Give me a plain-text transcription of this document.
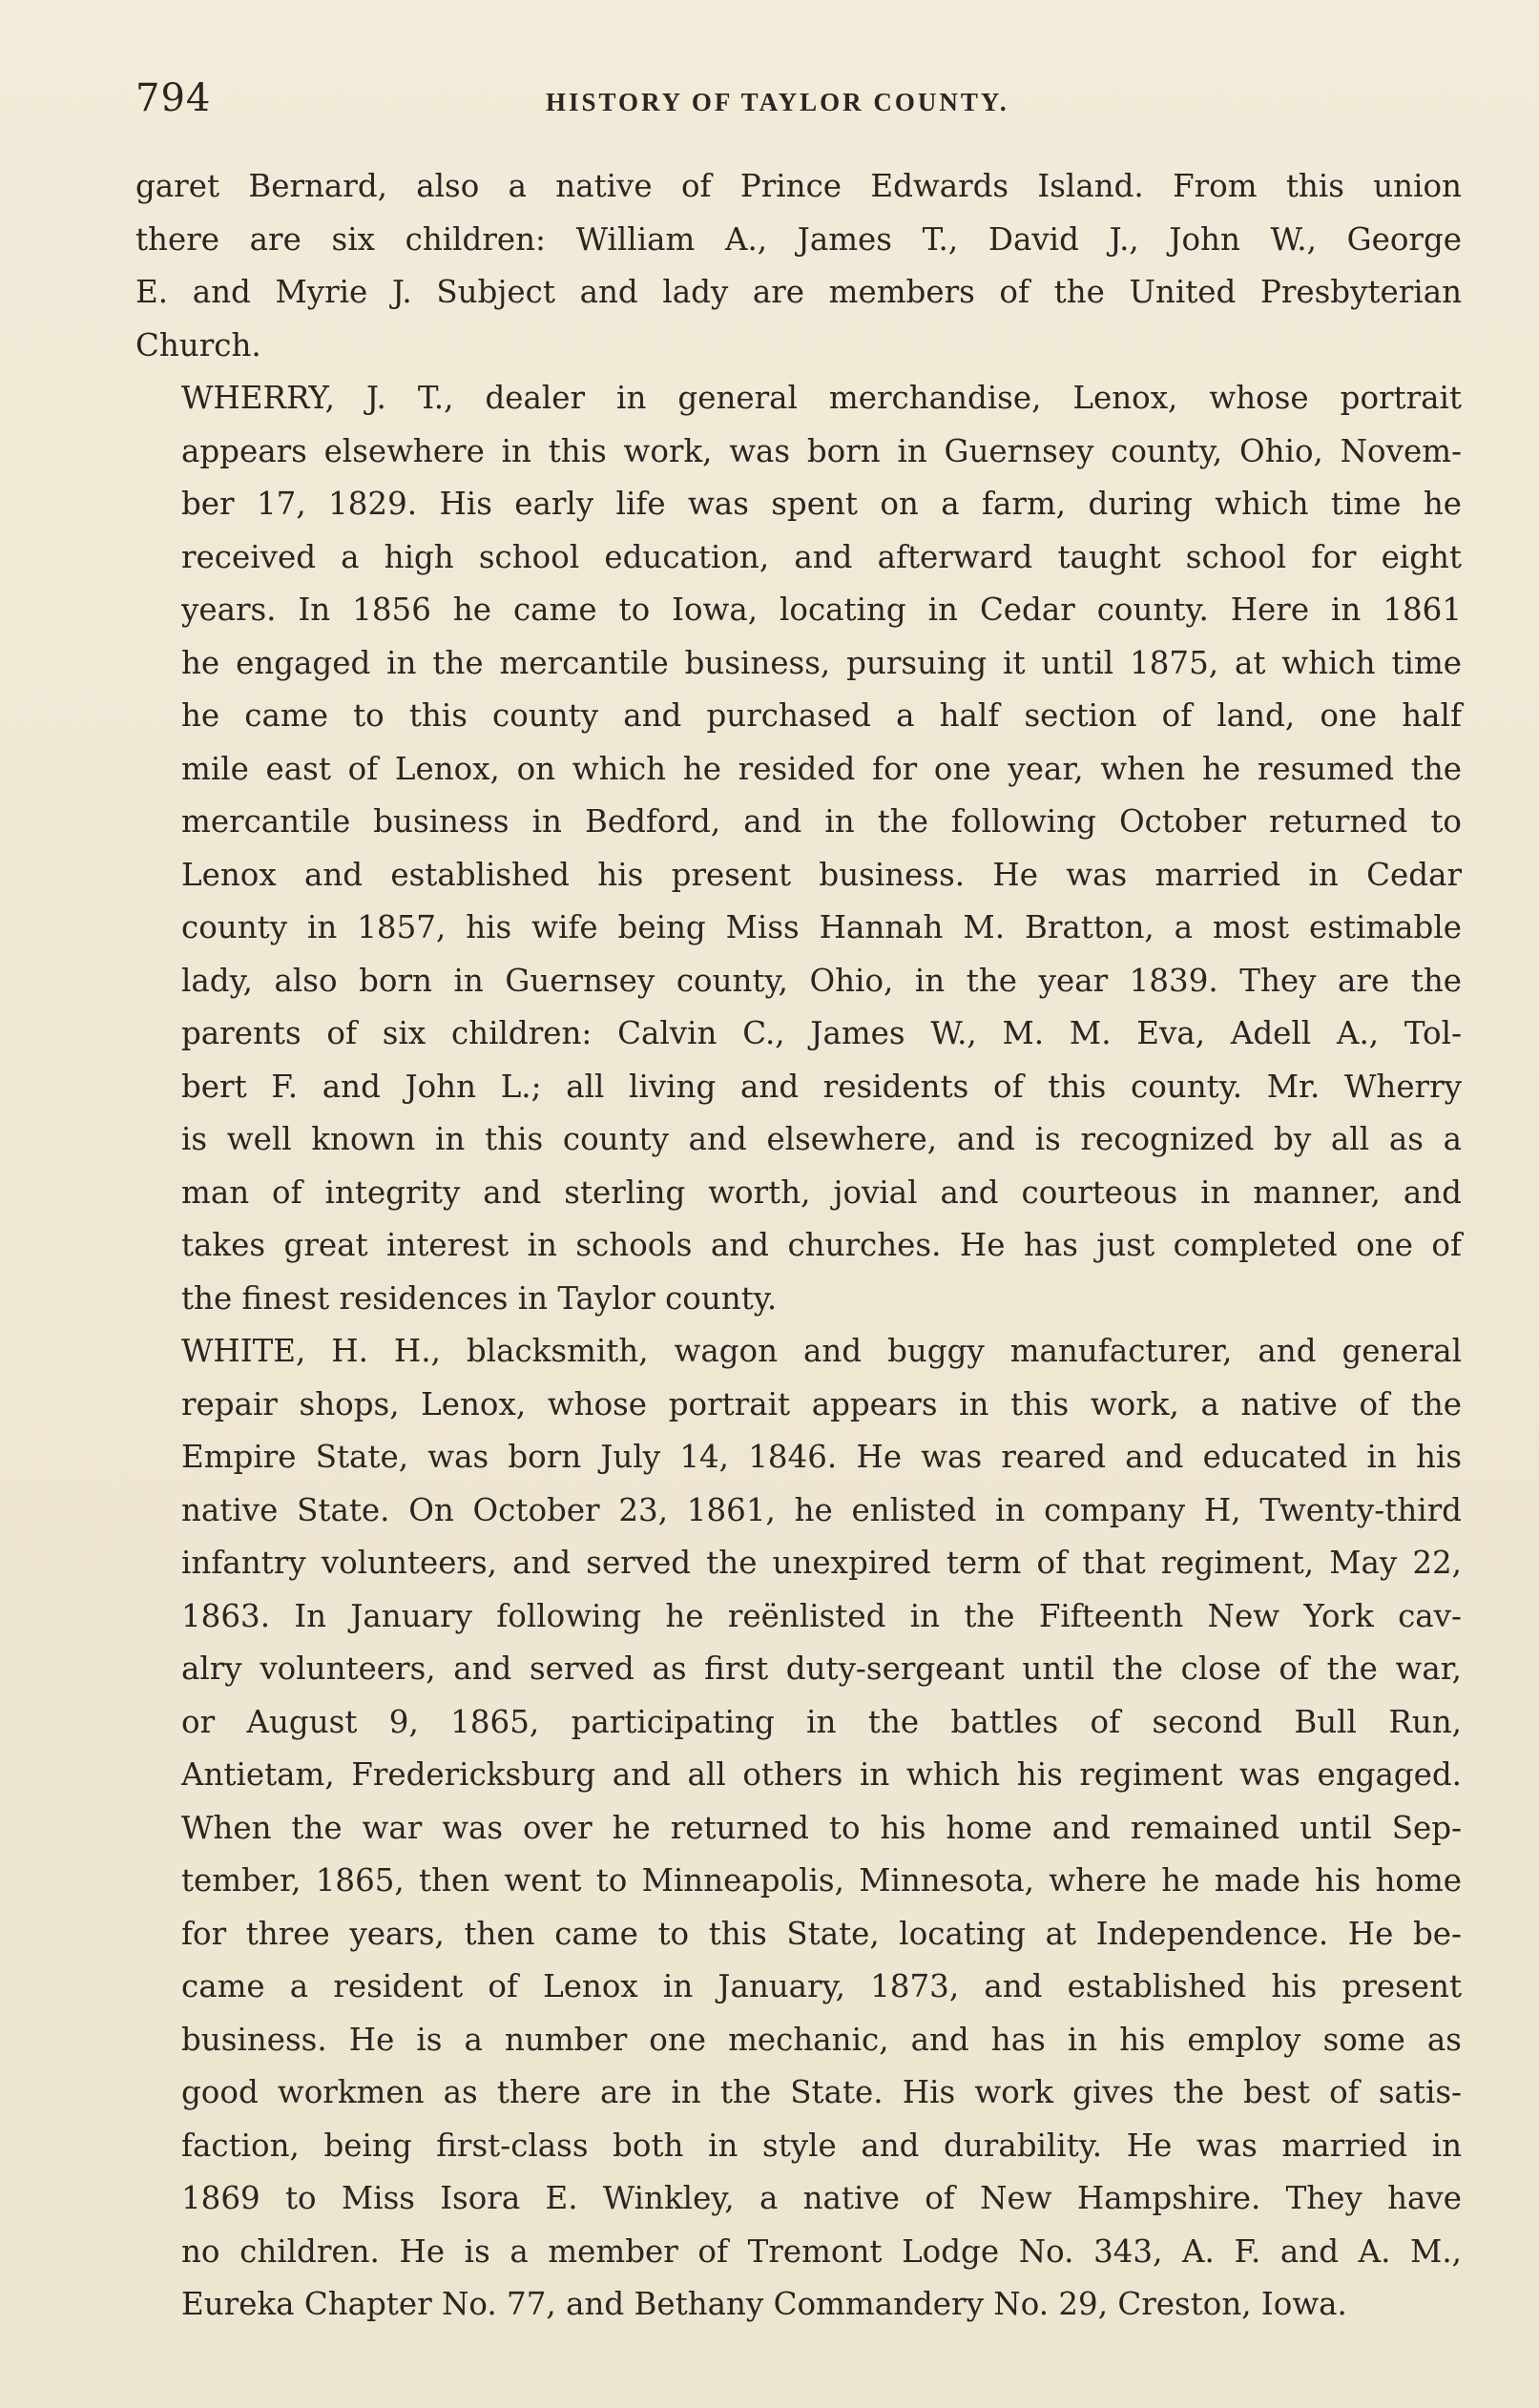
794	HISTORY OF TAYLOR COUNTY.
garet Bernard, also a native of Prince Edwards Island. From this union
there are six children: William A., James T., David J., John W., George
E. and Myrie J. Subject and lady are members of the United Presbyterian
Church.
WHERRY, J. T., dealer in general merchandise, Lenox, whose portrait
appears elsewhere in this work, was born in Guernsey county, Ohio, Novem-
ber 17, 1829. His early life was spent on a farm, during which time he
received a high school education, and afterward taught school for eight
years. In 1856 he came to Iowa, locating in Cedar county. Here in 1861
he engaged in the mercantile business, pursuing it until 1875, at which time
he came to this county and purchased a half section of land, one half
mile east of Lenox, on which he resided for one year, when he resumed the
mercantile business in Bedford, and in the following October returned to
Lenox and established his present business. He was married in Cedar
county in 1857, his wife being Miss Hannah M. Bratton, a most estimable
lady, also born in Guernsey county, Ohio, in the year 1839. They are the
parents of six children: Calvin C., James W., M. M. Eva, Adell A., Tol-
bert F. and John L.; all living and residents of this county. Mr. Wherry
is well known in this county and elsewhere, and is recognized by all as a
man of integrity and sterling worth, jovial and courteous in manner, and
takes great interest in schools and churches. He has just completed one of
the finest residences in Taylor county.
WHITE, H. H., blacksmith, wagon and buggy manufacturer, and general
repair shops, Lenox, whose portrait appears in this work, a native of the
Empire State, was born July 14, 1846. He was reared and educated in his
native State. On October 23, 1861, he enlisted in company H, Twenty-third
infantry volunteers, and served the unexpired term of that regiment, May 22,
1863. In January following he reënlisted in the Fifteenth New York cav-
alry volunteers, and served as first duty-sergeant until the close of the war,
or August 9, 1865, participating in the battles of second Bull Run,
Antietam, Fredericksburg and all others in which his regiment was engaged.
When the war was over he returned to his home and remained until Sep-
tember, 1865, then went to Minneapolis, Minnesota, where he made his home
for three years, then came to this State, locating at Independence. He be-
came a resident of Lenox in January, 1873, and established his present
business. He is a number one mechanic, and has in his employ some as
good workmen as there are in the State. His work gives the best of satis-
faction, being first-class both in style and durability. He was married in
1869 to Miss Isora E. Winkley, a native of New Hampshire. They have
no children. He is a member of Tremont Lodge No. 343, A. F. and A. M.,
Eureka Chapter No. 77, and Bethany Commandery No. 29, Creston, Iowa.
